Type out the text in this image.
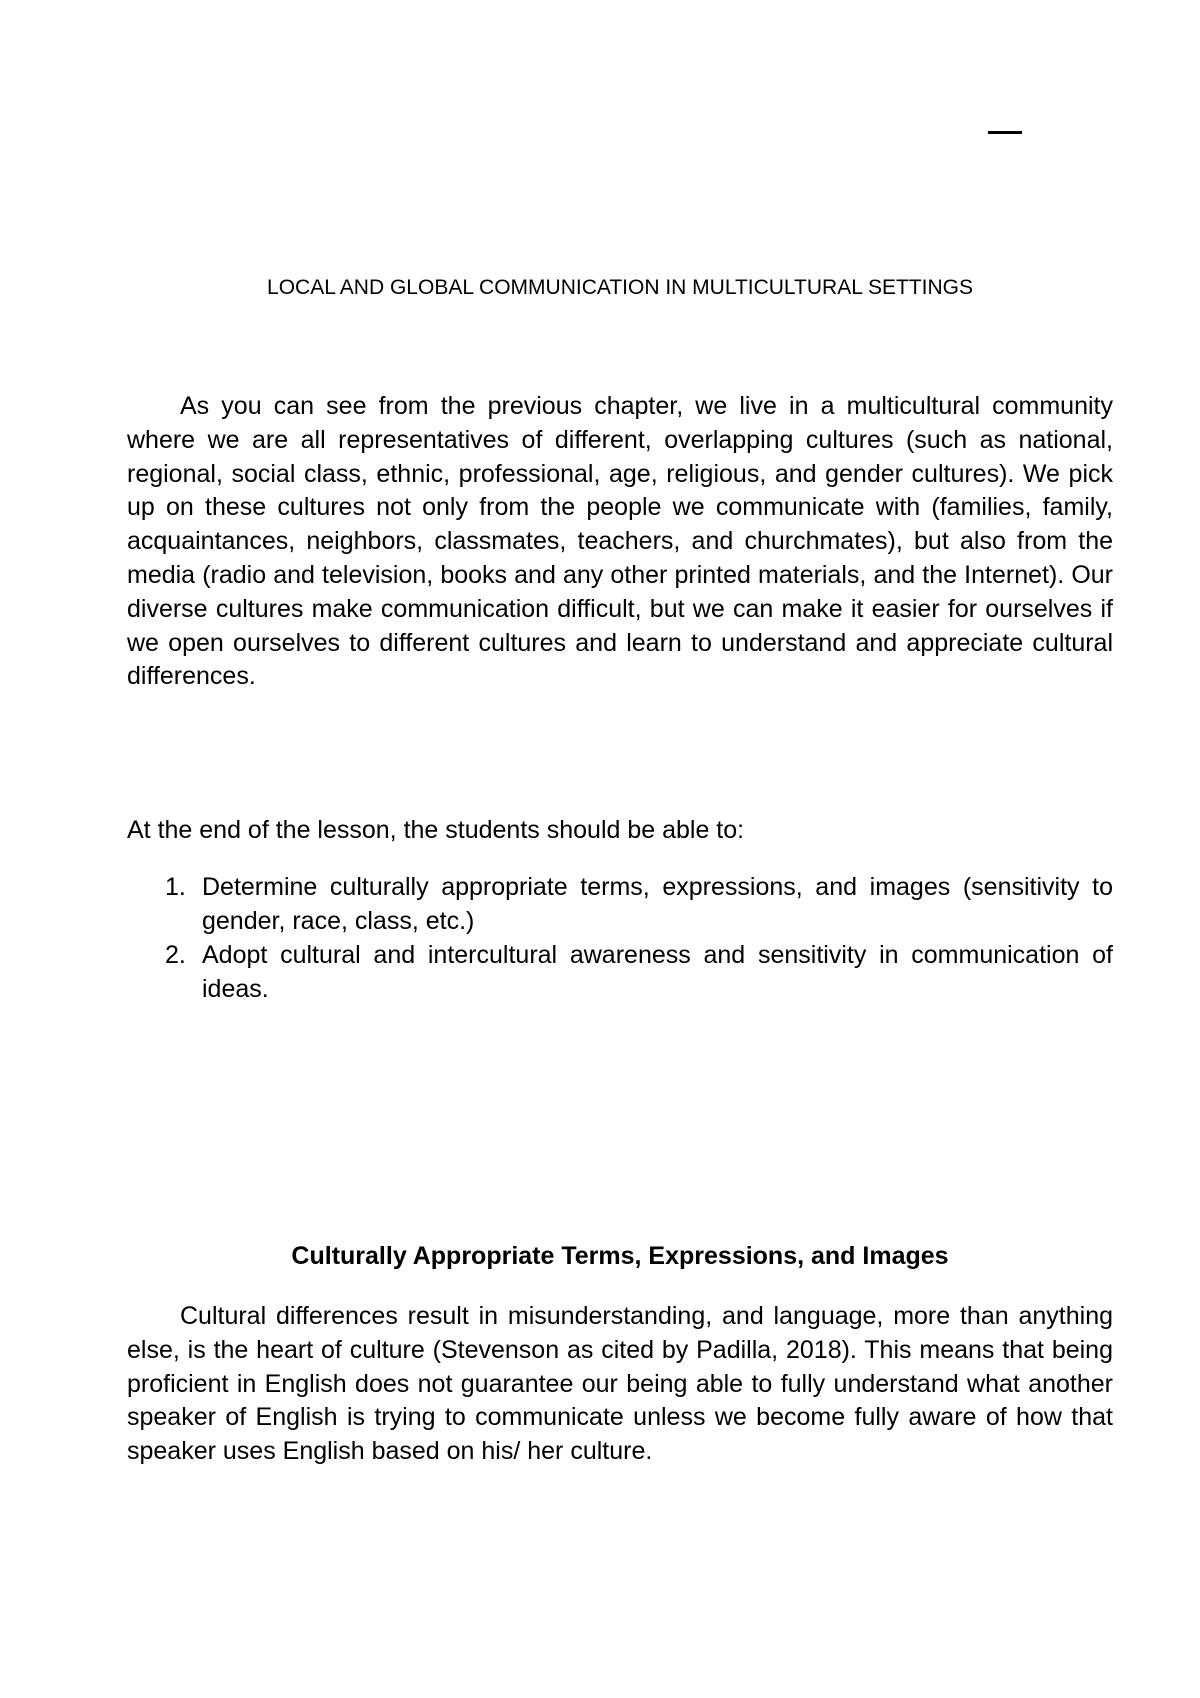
LOCAL AND GLOBAL COMMUNICATION IN MULTICULTURAL SETTINGS

As you can see from the previous chapter, we live in a multicultural community where we are all representatives of different, overlapping cultures (such as national, regional, social class, ethnic, professional, age, religious, and gender cultures). We pick up on these cultures not only from the people we communicate with (families, family, acquaintances, neighbors, classmates, teachers, and churchmates), but also from the media (radio and television, books and any other printed materials, and the Internet). Our diverse cultures make communication difficult, but we can make it easier for ourselves if we open ourselves to different cultures and learn to understand and appreciate cultural differences.

At the end of the lesson, the students should be able to:

1. Determine culturally appropriate terms, expressions, and images (sensitivity to gender, race, class, etc.)
2. Adopt cultural and intercultural awareness and sensitivity in communication of ideas.
Culturally Appropriate Terms, Expressions, and Images

Cultural differences result in misunderstanding, and language, more than anything else, is the heart of culture (Stevenson as cited by Padilla, 2018). This means that being proficient in English does not guarantee our being able to fully understand what another speaker of English is trying to communicate unless we become fully aware of how that speaker uses English based on his/ her culture.
